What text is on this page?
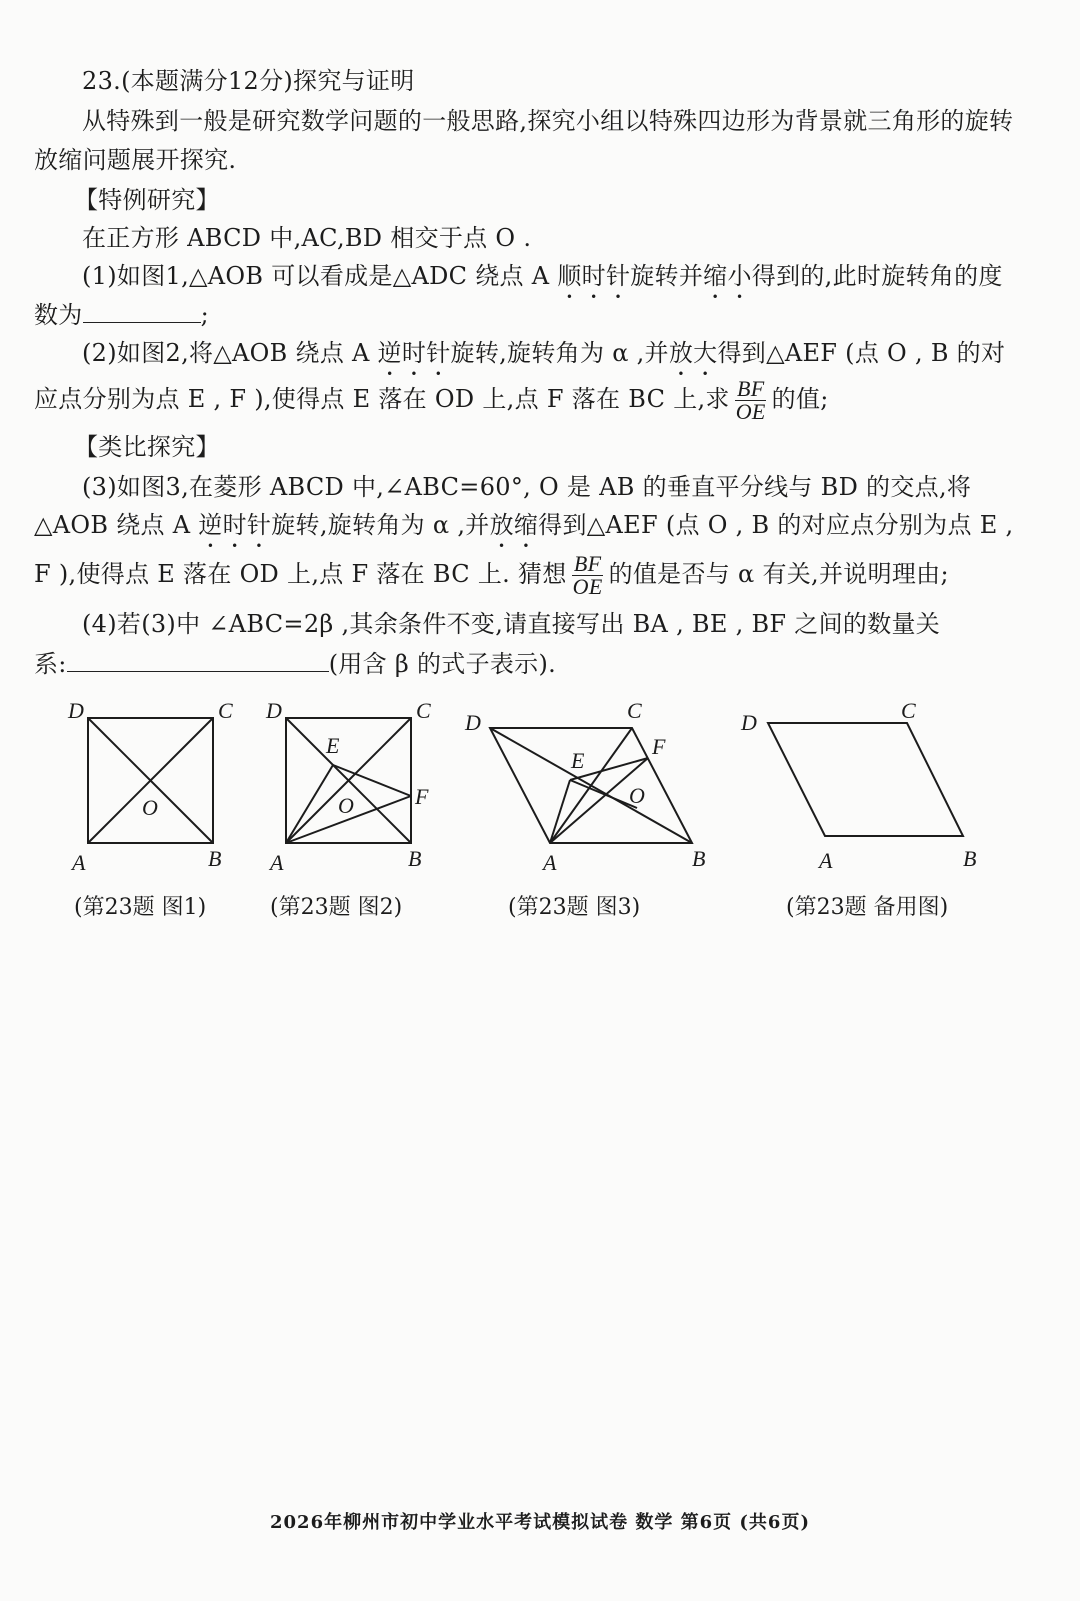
23.(本题满分12分)探究与证明
从特殊到一般是研究数学问题的一般思路,探究小组以特殊四边形为背景就三角形的旋转
放缩问题展开探究.
【特例研究】
在正方形 ABCD 中,AC,BD 相交于点 O .
(1)如图1,△AOB 可以看成是△ADC 绕点 A 顺时针旋转并缩小得到的,此时旋转角的度
数为	;
(2)如图2,将△AOB 绕点 A 逆时针旋转,旋转角为 α ,并放大得到△AEF (点 O , B 的对
应点分别为点 E , F ),使得点 E 落在 OD 上,点 F 落在 BC 上,求 $\frac{BF}{OE}$ 的值;
【类比探究】
(3)如图3,在菱形 ABCD 中,∠ABC=60°, O 是 AB 的垂直平分线与 BD 的交点,将
△AOB 绕点 A 逆时针旋转,旋转角为 α ,并放缩得到△AEF (点 O , B 的对应点分别为点 E ,
F ),使得点 E 落在 OD 上,点 F 落在 BC 上. 猜想 $\frac{BF}{OE}$ 的值是否与 α 有关,并说明理由;
(4)若(3)中 ∠ABC=2β ,其余条件不变,请直接写出 BA , BE , BF 之间的数量关
系:	(用含 β 的式子表示).
D	C
A	B
O
D	C
A	B
E
F
O
D	C
A	B
E
F
O
D	C
A	B
(第23题 图1)	(第23题 图2)	(第23题 图3)	(第23题 备用图)
2026年柳州市初中学业水平考试模拟试卷 数学 第6页 (共6页)
